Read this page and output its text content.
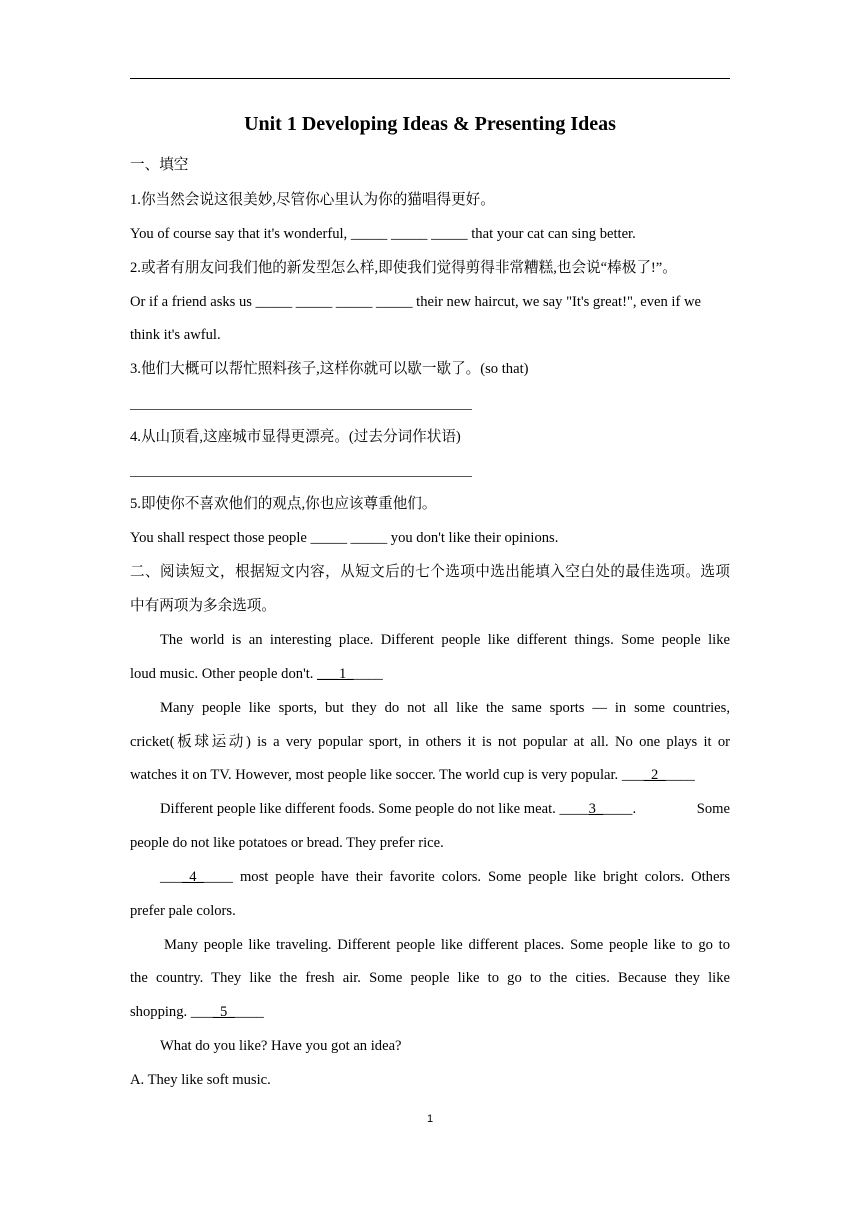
Unit 1 Developing Ideas & Presenting Ideas
一、填空
1.你当然会说这很美妙,尽管你心里认为你的猫唱得更好。
You of course say that it's wonderful, _____ _____ _____ that your cat can sing better.
2.或者有朋友问我们他的新发型怎么样,即使我们觉得剪得非常糟糕,也会说“棒极了!”。
Or if a friend asks us _____ _____ _____ _____ their new haircut, we say "It's great!", even if we
think it's awful.
3.他们大概可以帮忙照料孩子,这样你就可以歇一歇了。(so that)
4.从山顶看,这座城市显得更漂亮。(过去分词作状语)
5.即使你不喜欢他们的观点,你也应该尊重他们。
You shall respect those people _____ _____ you don't like their opinions.
二、阅读短文，根据短文内容，从短文后的七个选项中选出能填入空白处的最佳选项。选项
中有两项为多余选项。
The world is an interesting place. Different people like different things. Some people like
loud music. Other people don't. ___1_____
Many people like sports, but they do not all like the same sports — in some countries,
cricket(板球运动) is a very popular sport, in others it is not popular at all. No one plays it or
watches it on TV. However, most people like soccer. The world cup is very popular. ____2_____
Different people like different foods. Some people do not like meat. ____3_____.	Some
people do not like potatoes or bread. They prefer rice.
____4_____ most people have their favorite colors. Some people like bright colors. Others
prefer pale colors.
Many people like traveling. Different people like different places. Some people like to go to
the country. They like the fresh air. Some people like to go to the cities. Because they like
shopping. ____5_____
What do you like? Have you got an idea?
A. They like soft music.
1
